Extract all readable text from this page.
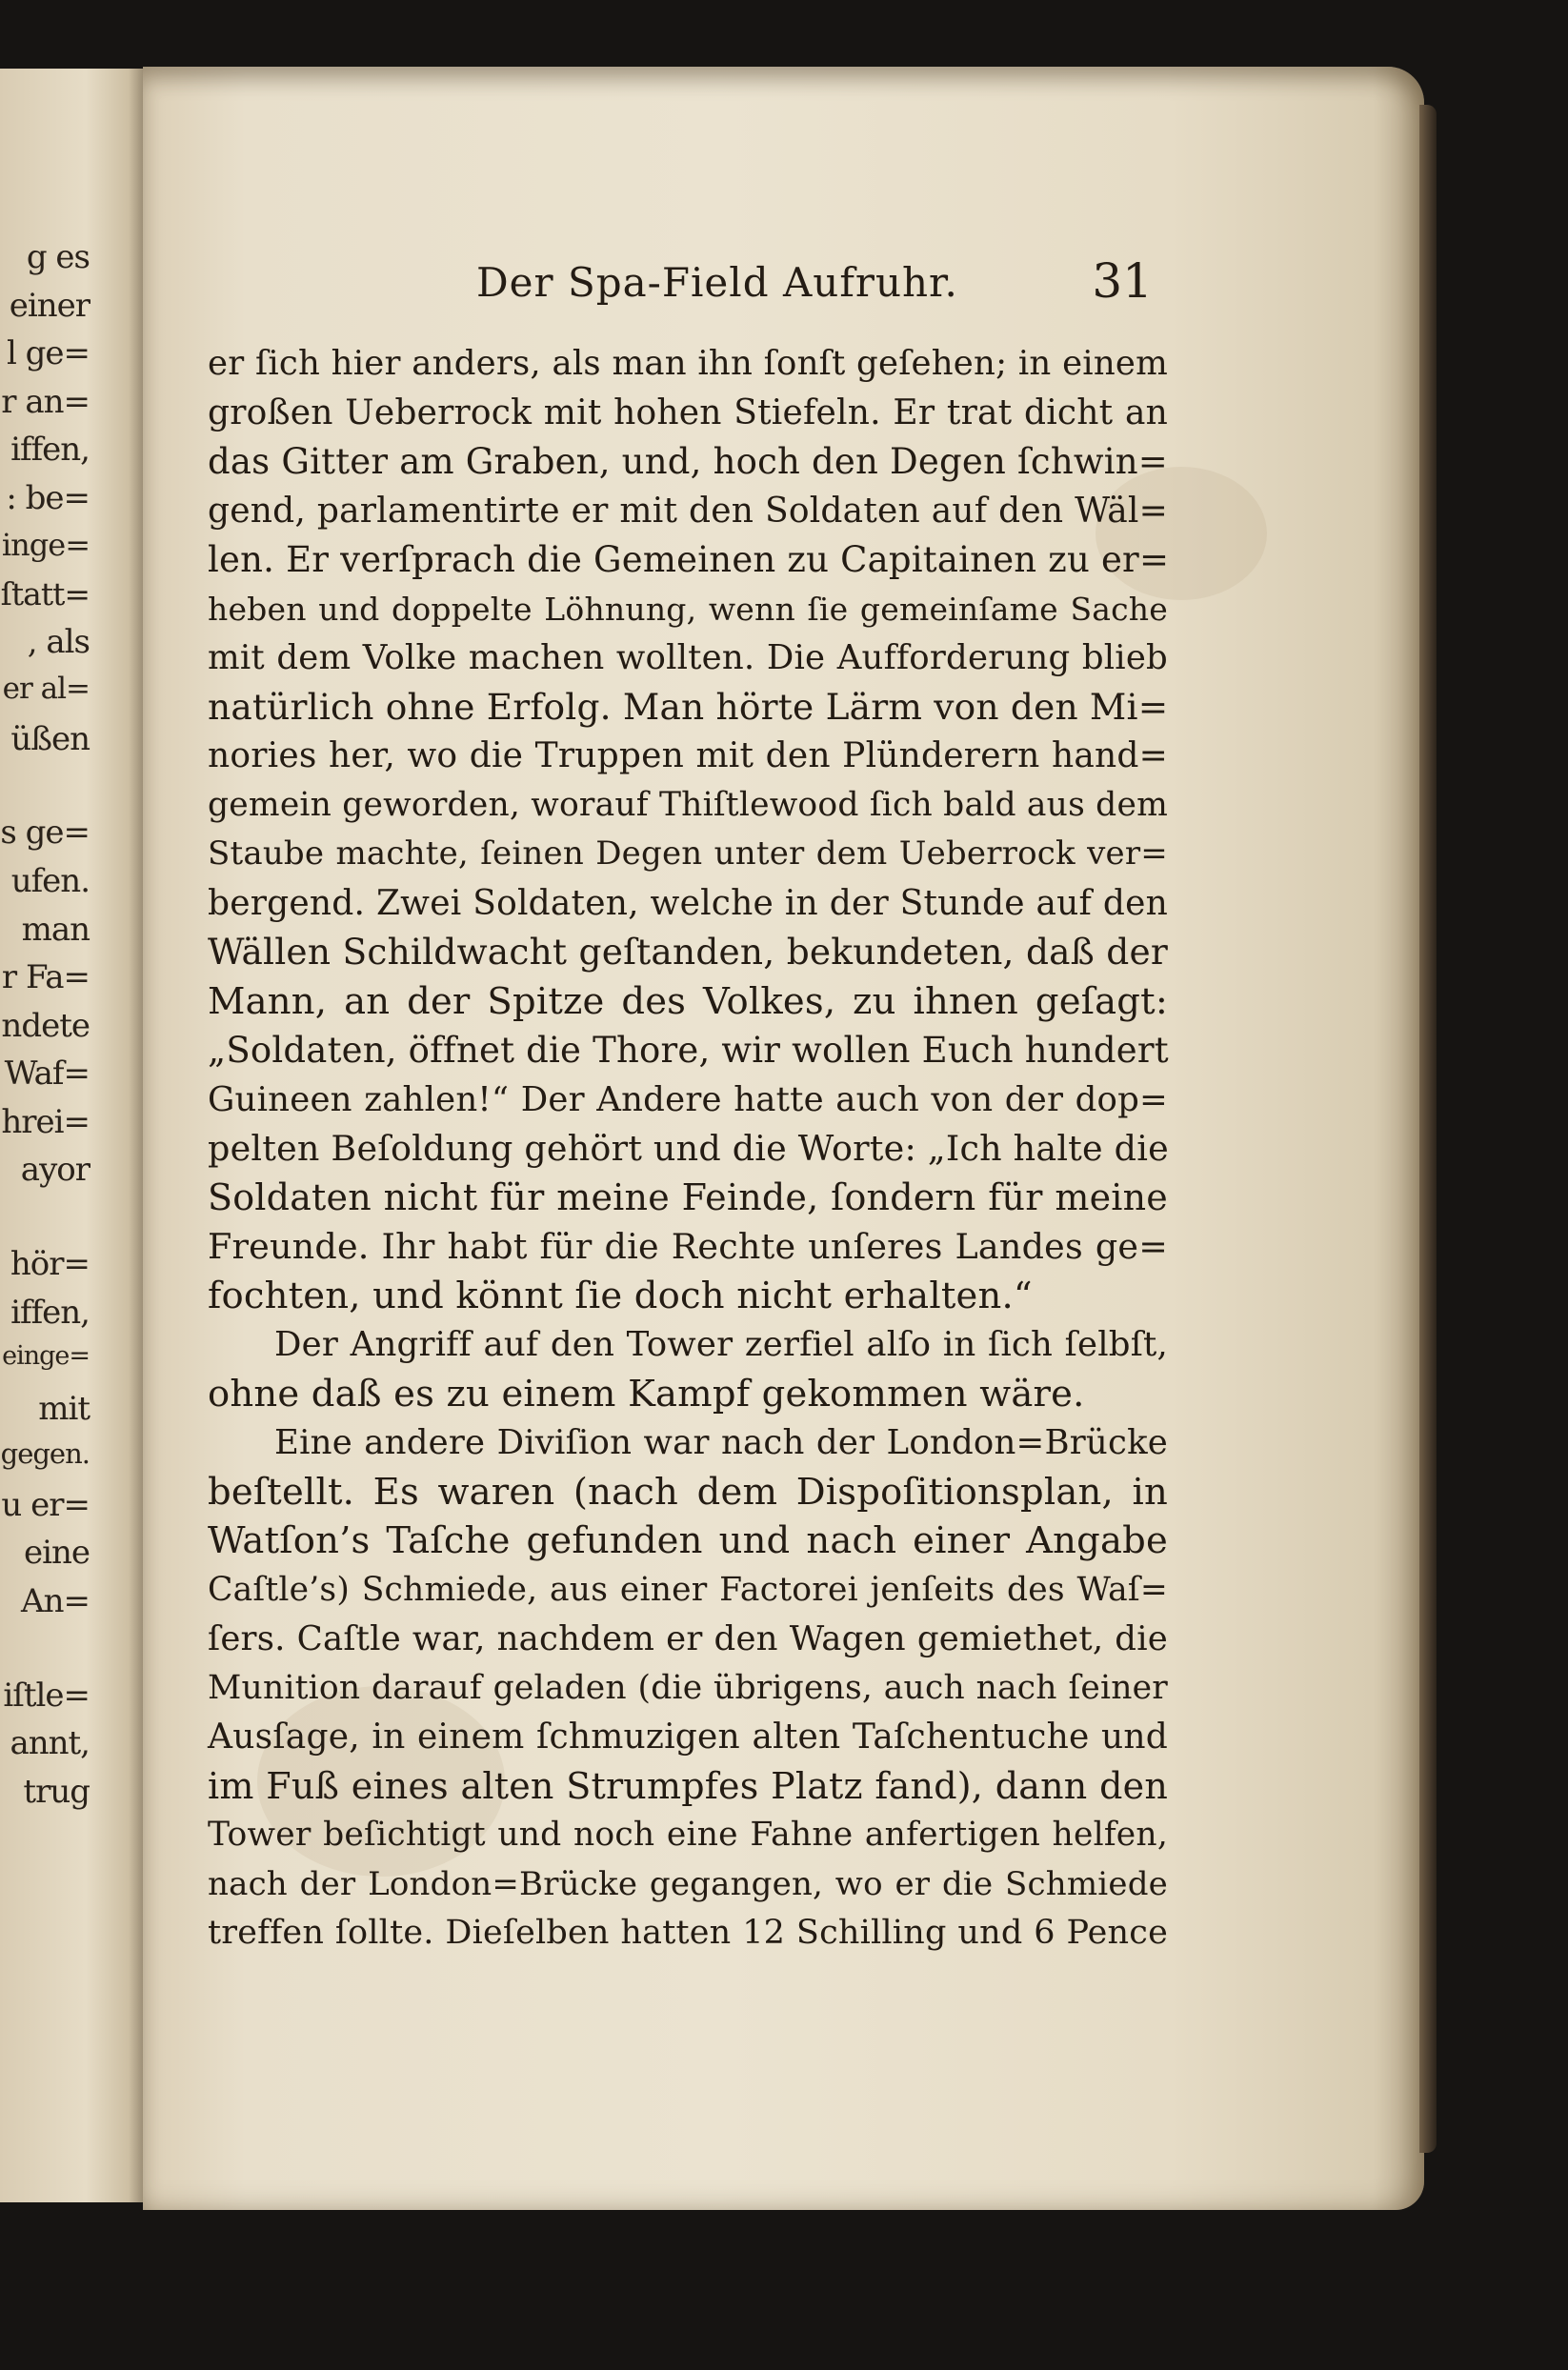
g es
einer
l ge=
r an=
iffen,
: be=
inge=
ſtatt=
, als
er al=
üßen
s ge=
ufen.
man
r Fa=
ndete
Waf=
hrei=
ayor
hör=
iffen,
einge=
mit
gegen.
u er=
eine
An=
iſtle=
annt,
trug
Der Spa-Field Aufruhr.	31
er ſich hier anders, als man ihn ſonſt geſehen; in einem
großen Ueberrock mit hohen Stiefeln. Er trat dicht an
das Gitter am Graben, und, hoch den Degen ſchwin=
gend, parlamentirte er mit den Soldaten auf den Wäl=
len. Er verſprach die Gemeinen zu Capitainen zu er=
heben und doppelte Löhnung, wenn ſie gemeinſame Sache
mit dem Volke machen wollten. Die Aufforderung blieb
natürlich ohne Erfolg. Man hörte Lärm von den Mi=
nories her, wo die Truppen mit den Plünderern hand=
gemein geworden, worauf Thiſtlewood ſich bald aus dem
Staube machte, ſeinen Degen unter dem Ueberrock ver=
bergend. Zwei Soldaten, welche in der Stunde auf den
Wällen Schildwacht geſtanden, bekundeten, daß der
Mann, an der Spitze des Volkes, zu ihnen geſagt:
„Soldaten, öffnet die Thore, wir wollen Euch hundert
Guineen zahlen!“ Der Andere hatte auch von der dop=
pelten Beſoldung gehört und die Worte: „Ich halte die
Soldaten nicht für meine Feinde, ſondern für meine
Freunde. Ihr habt für die Rechte unſeres Landes ge=
fochten, und könnt ſie doch nicht erhalten.“
Der Angriff auf den Tower zerfiel alſo in ſich ſelbſt,
ohne daß es zu einem Kampf gekommen wäre.
Eine andere Diviſion war nach der London=Brücke
beſtellt. Es waren (nach dem Dispoſitionsplan, in
Watſon’s Taſche gefunden und nach einer Angabe
Caſtle’s) Schmiede, aus einer Factorei jenſeits des Waſ=
ſers. Caſtle war, nachdem er den Wagen gemiethet, die
Munition darauf geladen (die übrigens, auch nach ſeiner
Ausſage, in einem ſchmuzigen alten Taſchentuche und
im Fuß eines alten Strumpfes Platz fand), dann den
Tower beſichtigt und noch eine Fahne anfertigen helfen,
nach der London=Brücke gegangen, wo er die Schmiede
treffen ſollte. Dieſelben hatten 12 Schilling und 6 Pence
